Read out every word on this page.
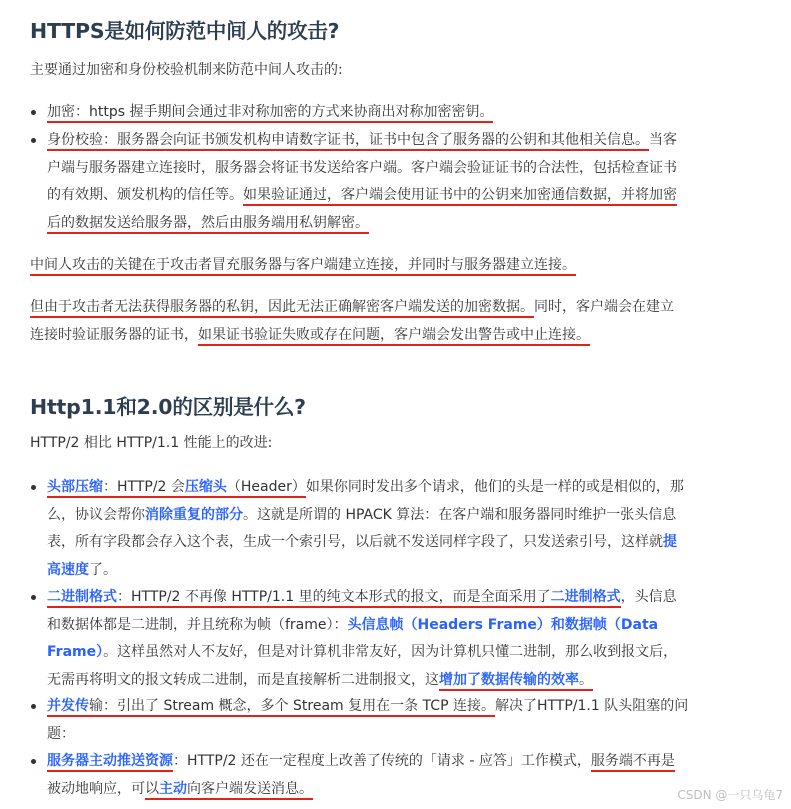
HTTPS是如何防范中间人的攻击?

主要通过加密和身份校验机制来防范中间人攻击的:

加密：https 握手期间会通过非对称加密的方式来协商出对称加密密钥。
身份校验：服务器会向证书颁发机构申请数字证书，证书中包含了服务器的公钥和其他相关信息。当客
户端与服务器建立连接时，服务器会将证书发送给客户端。客户端会验证证书的合法性，包括检查证书
的有效期、颁发机构的信任等。如果验证通过，客户端会使用证书中的公钥来加密通信数据，并将加密
后的数据发送给服务器，然后由服务端用私钥解密。

中间人攻击的关键在于攻击者冒充服务器与客户端建立连接，并同时与服务器建立连接。

但由于攻击者无法获得服务器的私钥，因此无法正确解密客户端发送的加密数据。同时，客户端会在建立
连接时验证服务器的证书，如果证书验证失败或存在问题，客户端会发出警告或中止连接。

Http1.1和2.0的区别是什么?

HTTP/2 相比 HTTP/1.1 性能上的改进:

头部压缩：HTTP/2 会压缩头（Header）如果你同时发出多个请求，他们的头是一样的或是相似的，那
么，协议会帮你消除重复的部分。这就是所谓的 HPACK 算法：在客户端和服务器同时维护一张头信息
表，所有字段都会存入这个表，生成一个索引号，以后就不发送同样字段了，只发送索引号，这样就提
高速度了。
二进制格式：HTTP/2 不再像 HTTP/1.1 里的纯文本形式的报文，而是全面采用了二进制格式，头信息
和数据体都是二进制，并且统称为帧（frame）：头信息帧（Headers Frame）和数据帧（Data
Frame）。这样虽然对人不友好，但是对计算机非常友好，因为计算机只懂二进制，那么收到报文后，
无需再将明文的报文转成二进制，而是直接解析二进制报文，这增加了数据传输的效率。
并发传输：引出了 Stream 概念，多个 Stream 复用在一条 TCP 连接。解决了HTTP/1.1 队头阻塞的问
题：
服务器主动推送资源：HTTP/2 还在一定程度上改善了传统的「请求 - 应答」工作模式，服务端不再是
被动地响应，可以主动向客户端发送消息。	CSDN @一只乌龟7
